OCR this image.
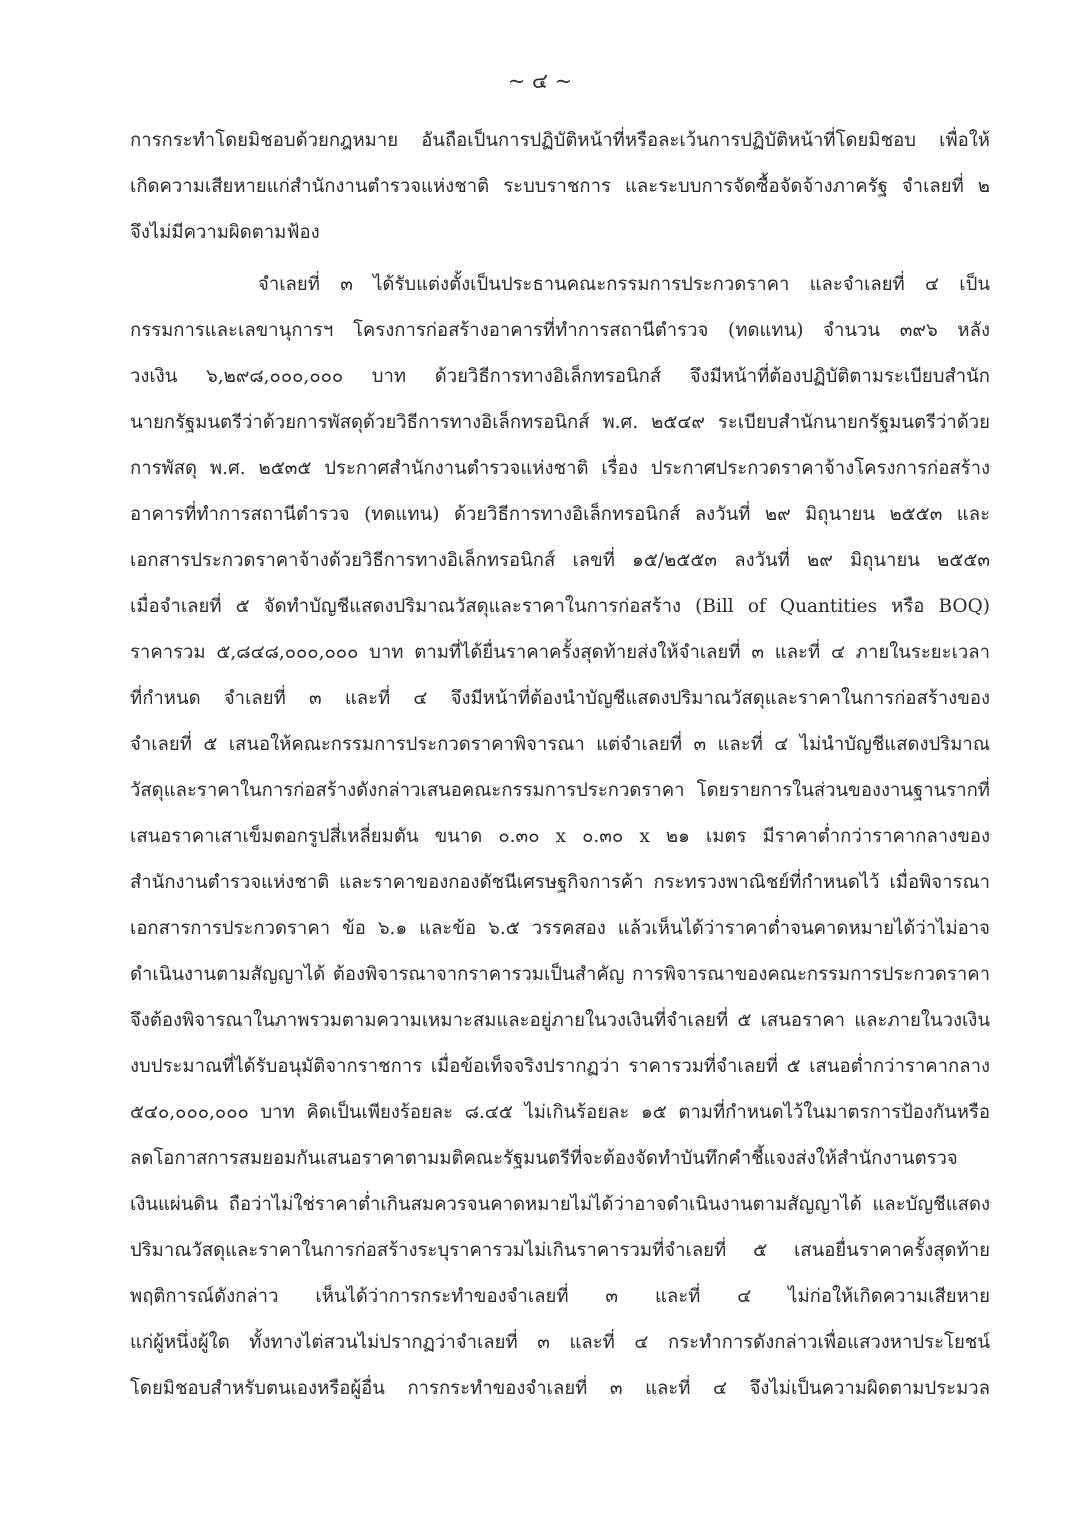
~ ๔ ~
การกระทำโดยมิชอบด้วยกฎหมาย อันถือเป็นการปฏิบัติหน้าที่หรือละเว้นการปฏิบัติหน้าที่โดยมิชอบ เพื่อให้
เกิดความเสียหายแก่สำนักงานตำรวจแห่งชาติ ระบบราชการ และระบบการจัดซื้อจัดจ้างภาครัฐ จำเลยที่ ๒
จึงไม่มีความผิดตามฟ้อง
จำเลยที่ ๓ ได้รับแต่งตั้งเป็นประธานคณะกรรมการประกวดราคา และจำเลยที่ ๔ เป็น
กรรมการและเลขานุการฯ โครงการก่อสร้างอาคารที่ทำการสถานีตำรวจ (ทดแทน) จำนวน ๓๙๖ หลัง
วงเงิน ๖,๒๙๘,๐๐๐,๐๐๐ บาท ด้วยวิธีการทางอิเล็กทรอนิกส์ จึงมีหน้าที่ต้องปฏิบัติตามระเบียบสำนัก
นายกรัฐมนตรีว่าด้วยการพัสดุด้วยวิธีการทางอิเล็กทรอนิกส์ พ.ศ. ๒๕๔๙ ระเบียบสำนักนายกรัฐมนตรีว่าด้วย
การพัสดุ พ.ศ. ๒๕๓๕ ประกาศสำนักงานตำรวจแห่งชาติ เรื่อง ประกาศประกวดราคาจ้างโครงการก่อสร้าง
อาคารที่ทำการสถานีตำรวจ (ทดแทน) ด้วยวิธีการทางอิเล็กทรอนิกส์ ลงวันที่ ๒๙ มิถุนายน ๒๕๕๓ และ
เอกสารประกวดราคาจ้างด้วยวิธีการทางอิเล็กทรอนิกส์ เลขที่ ๑๕/๒๕๕๓ ลงวันที่ ๒๙ มิถุนายน ๒๕๕๓
เมื่อจำเลยที่ ๕ จัดทำบัญชีแสดงปริมาณวัสดุและราคาในการก่อสร้าง (Bill of Quantities หรือ BOQ)
ราคารวม ๕,๘๔๘,๐๐๐,๐๐๐ บาท ตามที่ได้ยื่นราคาครั้งสุดท้ายส่งให้จำเลยที่ ๓ และที่ ๔ ภายในระยะเวลา
ที่กำหนด จำเลยที่ ๓ และที่ ๔ จึงมีหน้าที่ต้องนำบัญชีแสดงปริมาณวัสดุและราคาในการก่อสร้างของ
จำเลยที่ ๕ เสนอให้คณะกรรมการประกวดราคาพิจารณา แต่จำเลยที่ ๓ และที่ ๔ ไม่นำบัญชีแสดงปริมาณ
วัสดุและราคาในการก่อสร้างดังกล่าวเสนอคณะกรรมการประกวดราคา โดยรายการในส่วนของงานฐานรากที่
เสนอราคาเสาเข็มตอกรูปสี่เหลี่ยมตัน ขนาด ๐.๓๐ x ๐.๓๐ x ๒๑ เมตร มีราคาต่ำกว่าราคากลางของ
สำนักงานตำรวจแห่งชาติ และราคาของกองดัชนีเศรษฐกิจการค้า กระทรวงพาณิชย์ที่กำหนดไว้ เมื่อพิจารณา
เอกสารการประกวดราคา ข้อ ๖.๑ และข้อ ๖.๕ วรรคสอง แล้วเห็นได้ว่าราคาต่ำจนคาดหมายได้ว่าไม่อาจ
ดำเนินงานตามสัญญาได้ ต้องพิจารณาจากราคารวมเป็นสำคัญ การพิจารณาของคณะกรรมการประกวดราคา
จึงต้องพิจารณาในภาพรวมตามความเหมาะสมและอยู่ภายในวงเงินที่จำเลยที่ ๕ เสนอราคา และภายในวงเงิน
งบประมาณที่ได้รับอนุมัติจากราชการ เมื่อข้อเท็จจริงปรากฏว่า ราคารวมที่จำเลยที่ ๕ เสนอต่ำกว่าราคากลาง
๕๔๐,๐๐๐,๐๐๐ บาท คิดเป็นเพียงร้อยละ ๘.๔๕ ไม่เกินร้อยละ ๑๕ ตามที่กำหนดไว้ในมาตรการป้องกันหรือ
ลดโอกาสการสมยอมกันเสนอราคาตามมติคณะรัฐมนตรีที่จะต้องจัดทำบันทึกคำชี้แจงส่งให้สำนักงานตรวจ
เงินแผ่นดิน ถือว่าไม่ใช่ราคาต่ำเกินสมควรจนคาดหมายไม่ได้ว่าอาจดำเนินงานตามสัญญาได้ และบัญชีแสดง
ปริมาณวัสดุและราคาในการก่อสร้างระบุราคารวมไม่เกินราคารวมที่จำเลยที่ ๕ เสนอยื่นราคาครั้งสุดท้าย
พฤติการณ์ดังกล่าว เห็นได้ว่าการกระทำของจำเลยที่ ๓ และที่ ๔ ไม่ก่อให้เกิดความเสียหาย
แก่ผู้หนึ่งผู้ใด ทั้งทางไต่สวนไม่ปรากฏว่าจำเลยที่ ๓ และที่ ๔ กระทำการดังกล่าวเพื่อแสวงหาประโยชน์
โดยมิชอบสำหรับตนเองหรือผู้อื่น การกระทำของจำเลยที่ ๓ และที่ ๔ จึงไม่เป็นความผิดตามประมวล
